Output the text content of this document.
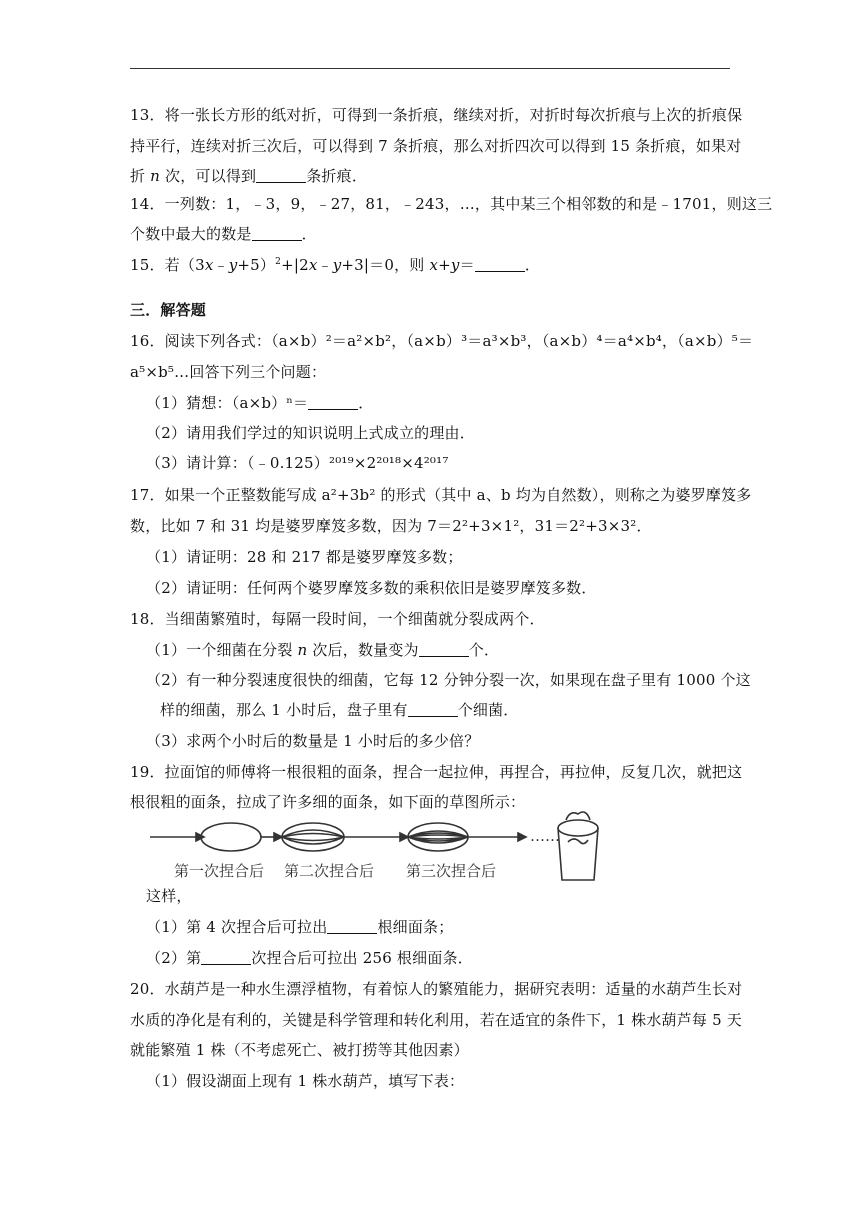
13．将一张长方形的纸对折，可得到一条折痕，继续对折，对折时每次折痕与上次的折痕保
持平行，连续对折三次后，可以得到 7 条折痕，那么对折四次可以得到 15 条折痕，如果对
折 n 次，可以得到	条折痕．
14．一列数：1，﹣3，9，﹣27，81，﹣243，…，其中某三个相邻数的和是﹣1701，则这三
个数中最大的数是	．
15．若（3x﹣y+5）$^2$+|2x﹣y+3|＝0，则 x+y＝	．
三．解答题
16．阅读下列各式：（a×b）²＝a²×b²，（a×b）³＝a³×b³，（a×b）⁴＝a⁴×b⁴，（a×b）⁵＝
a⁵×b⁵…回答下列三个问题：
（1）猜想：（a×b）ⁿ＝	．
（2）请用我们学过的知识说明上式成立的理由．
（3）请计算：（﹣0.125）²⁰¹⁹×2²⁰¹⁸×4²⁰¹⁷
17．如果一个正整数能写成 a²+3b² 的形式（其中 a、b 均为自然数），则称之为婆罗摩笈多
数，比如 7 和 31 均是婆罗摩笈多数，因为 7＝2²+3×1²，31＝2²+3×3²．
（1）请证明：28 和 217 都是婆罗摩笈多数；
（2）请证明：任何两个婆罗摩笈多数的乘积依旧是婆罗摩笈多数．
18．当细菌繁殖时，每隔一段时间，一个细菌就分裂成两个．
（1）一个细菌在分裂 n 次后，数量变为	个．
（2）有一种分裂速度很快的细菌，它每 12 分钟分裂一次，如果现在盘子里有 1000 个这
样的细菌，那么 1 小时后，盘子里有	个细菌．
（3）求两个小时后的数量是 1 小时后的多少倍？
19．拉面馆的师傅将一根很粗的面条，捏合一起拉伸，再捏合，再拉伸，反复几次，就把这
根很粗的面条，拉成了许多细的面条，如下面的草图所示：
……
第一次捏合后 第二次捏合后 第三次捏合后
这样，
（1）第 4 次捏合后可拉出	根细面条；
（2）第	次捏合后可拉出 256 根细面条．
20．水葫芦是一种水生漂浮植物，有着惊人的繁殖能力，据研究表明：适量的水葫芦生长对
水质的净化是有利的，关键是科学管理和转化利用，若在适宜的条件下，1 株水葫芦每 5 天
就能繁殖 1 株（不考虑死亡、被打捞等其他因素）
（1）假设湖面上现有 1 株水葫芦，填写下表：
